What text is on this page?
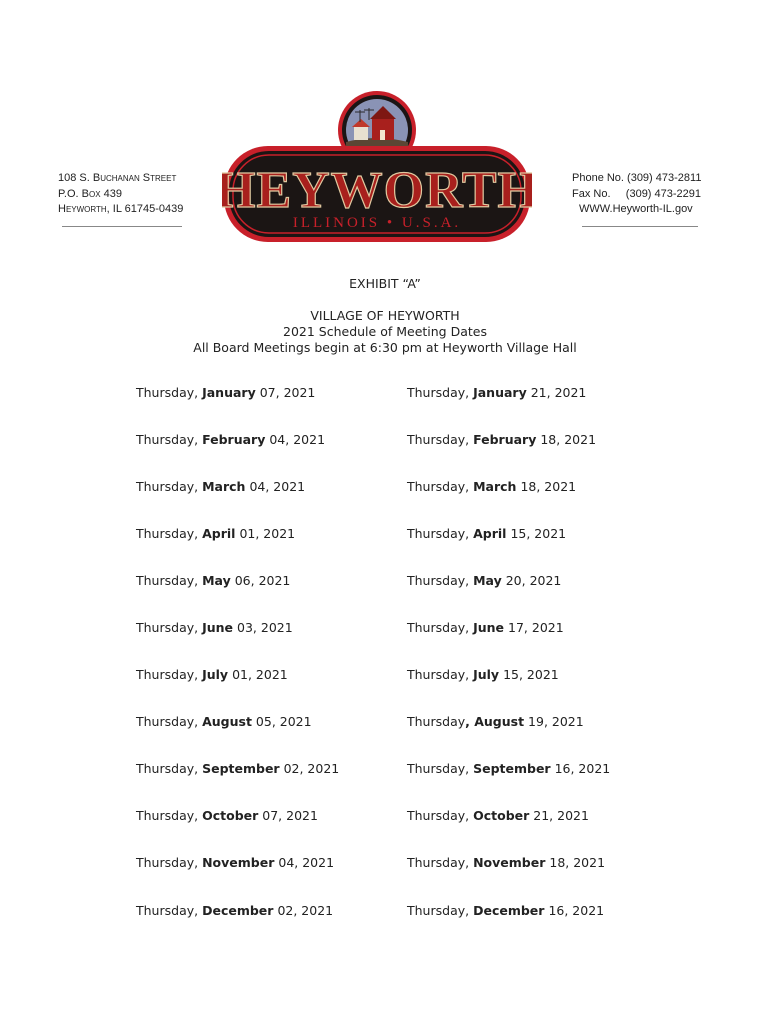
108 S. Buchanan Street
P.O. Box 439
Heyworth, IL 61745-0439 HEYWORTH
ILLINOIS • U.S.A.
Phone No. (309) 473-2811
Fax No.     (309) 473-2291
WWW.Heyworth-IL.gov
EXHIBIT “A”
VILLAGE OF HEYWORTH
2021 Schedule of Meeting Dates
All Board Meetings begin at 6:30 pm at Heyworth Village Hall
Thursday, January 07, 2021	Thursday, January 21, 2021
Thursday, February 04, 2021	Thursday, February 18, 2021
Thursday, March 04, 2021	Thursday, March 18, 2021
Thursday, April 01, 2021	Thursday, April 15, 2021
Thursday, May 06, 2021	Thursday, May 20, 2021
Thursday, June 03, 2021	Thursday, June 17, 2021
Thursday, July 01, 2021	Thursday, July 15, 2021
Thursday, August 05, 2021	Thursday, August 19, 2021
Thursday, September 02, 2021	Thursday, September 16, 2021
Thursday, October 07, 2021	Thursday, October 21, 2021
Thursday, November 04, 2021	Thursday, November 18, 2021
Thursday, December 02, 2021	Thursday, December 16, 2021
